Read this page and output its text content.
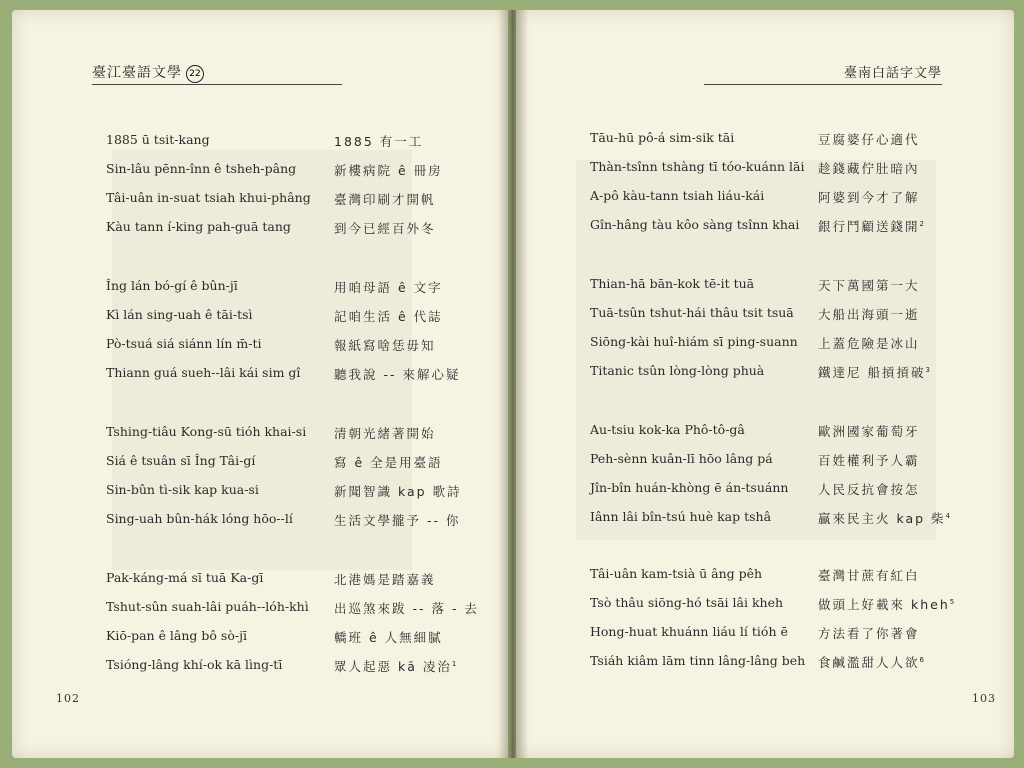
臺江臺語文學 22	臺南白話字文學
1885 ū tsit-kang	1885 有一工
Sin-lâu pēnn-înn ê tsheh-pâng	新樓病院 ê 冊房
Tâi-uân in-suat tsiah khui-phâng 臺灣印刷才開帆
Kàu tann í-king pah-guā tang	到今已經百外冬
Îng lán bó-gí ê bûn-jī	用咱母語 ê 文字
Kì lán sing-uah ê tāi-tsì	記咱生活 ê 代誌
Pò-tsuá siá siánn lín m̄-ti	報紙寫啥恁毋知
Thiann guá sueh--lâi kái sim gî	聽我說 -- 來解心疑
Tshing-tiâu Kong-sū tióh khai-si 清朝光緒著開始
Siá ê tsuân sī Îng Tâi-gí	寫 ê 全是用臺語
Sin-bûn tì-sik kap kua-si	新聞智識 kap 歌詩
Sing-uah bûn-hák lóng hōo--lí	生活文學攏予 -- 你
Pak-káng-má sī tuā Ka-gī	北港媽是踏嘉義
Tshut-sûn suah-lâi puáh--lóh-khì 出巡煞來跋 -- 落 - 去
Kiō-pan ê lâng bô sò-jī	轎班 ê 人無細膩
Tsióng-lâng khí-ok kā lìng-tī	眾人起惡 kā 凌治$^1$
Tāu-hū pô-á sim-sik tāi	豆腐婆仔心適代
Thàn-tsînn tshàng tī tóo-kuánn lāi 趁錢藏佇肚暗內
A-pô kàu-tann tsiah liáu-kái	阿婆到今才了解
Gîn-hâng tàu kôo sàng tsînn khai 銀行鬥顧送錢開$^2$
Thian-hā bān-kok tē-it tuā	天下萬國第一大
Tuā-tsûn tshut-hái thâu tsit tsuā 大船出海頭一逝
Siōng-kài huî-hiám sī ping-suann 上蓋危險是冰山
Titanic tsûn lòng-lòng phuà	鐵達尼 船摃摃破$^3$
Au-tsiu kok-ka Phô-tô-gâ	歐洲國家葡萄牙
Peh-sènn kuân-lī hōo lâng pá	百姓權利予人霸
Jîn-bîn huán-khòng ē án-tsuánn 人民反抗會按怎
Iânn lâi bîn-tsú huè kap tshâ	贏來民主火 kap 柴$^4$
Tâi-uân kam-tsià ū âng pêh	臺灣甘蔗有紅白
Tsò thâu siōng-hó tsāi lâi kheh	做頭上好載來 kheh$^5$
Hong-huat khuánn liáu lí tióh ē 方法看了你著會
Tsiáh kiâm lām tinn lâng-lâng beh 食鹹濫甜人人欲$^6$
102	103
